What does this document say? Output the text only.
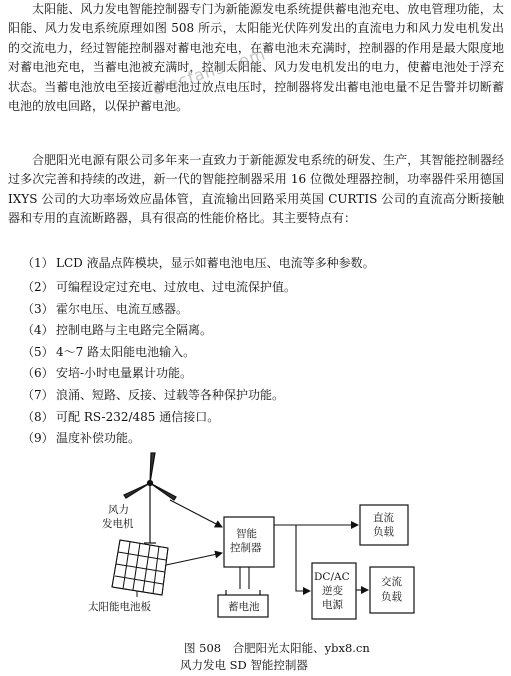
太阳能、风力发电智能控制器专门为新能源发电系统提供蓄电池充电、放电管理功能，太阳能、风力发电系统原理如图 508 所示，太阳能光伏阵列发出的直流电力和风力发电机发出的交流电力，经过智能控制器对蓄电池充电，在蓄电池未充满时，控制器的作用是最大限度地对蓄电池充电，当蓄电池被充满时，控制太阳能、风力发电机发出的电力，使蓄电池处于浮充状态。当蓄电池放电至接近蓄电池过放点电压时，控制器将发出蓄电池电量不足告警并切断蓄电池的放电回路，以保护蓄电池。
elecfans.com
合肥阳光电源有限公司多年来一直致力于新能源发电系统的研发、生产，其智能控制器经过多次完善和持续的改进，新一代的智能控制器采用 16 位微处理器控制，功率器件采用德国 IXYS 公司的大功率场效应晶体管，直流输出回路采用英国 CURTIS 公司的直流高分断接触器和专用的直流断路器，具有很高的性能价格比。其主要特点有：
（1） LCD 液晶点阵模块，显示如蓄电池电压、电流等多种参数。
（2） 可编程设定过充电、过放电、过电流保护值。
（3） 霍尔电压、电流互感器。
（4） 控制电路与主电路完全隔离。
（5） 4～7 路太阳能电池输入。
（6） 安培-小时电量累计功能。
（7） 浪涌、短路、反接、过载等各种保护功能。
（8） 可配 RS-232/485 通信接口。
（9） 温度补偿功能。
风力
发电机
太阳能电池板
智能
控制器
蓄电池
直流
负载
DC/AC
逆变
电源
交流
负载
图 508　合肥阳光太阳能、ybx8.cn
风力发电 SD 智能控制器
